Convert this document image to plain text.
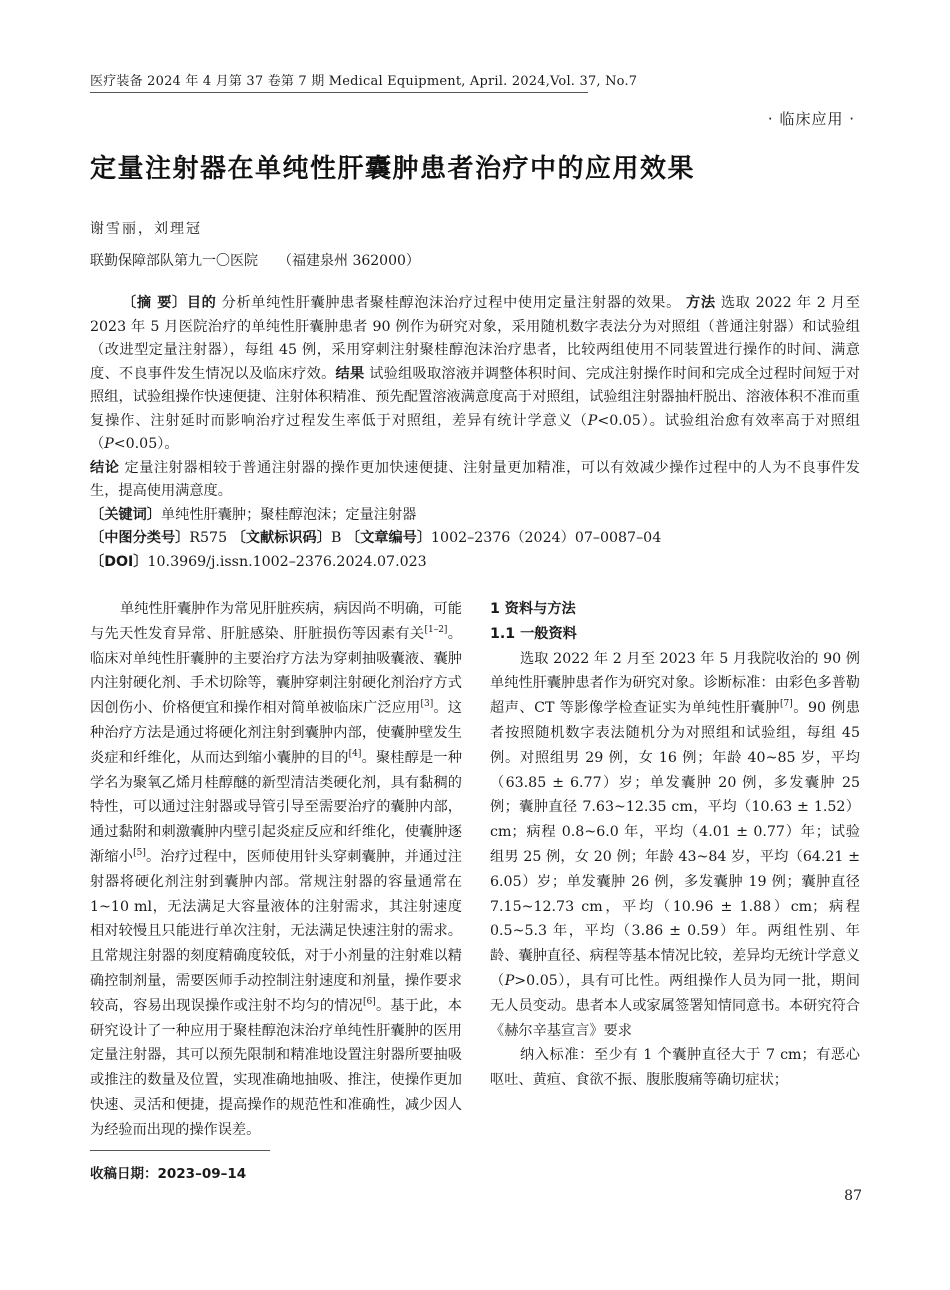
医疗装备 2024 年 4 月第 37 卷第 7 期 Medical Equipment, April. 2024,Vol. 37, No.7
· 临床应用 ·
定量注射器在单纯性肝囊肿患者治疗中的应用效果
谢雪丽，刘理冠
联勤保障部队第九一〇医院 （福建泉州 362000）

〔摘 要〕目的 分析单纯性肝囊肿患者聚桂醇泡沫治疗过程中使用定量注射器的效果。 方法 选取 2022 年 2 月至 2023 年 5 月医院治疗的单纯性肝囊肿患者 90 例作为研究对象，采用随机数字表法分为对照组（普通注射器）和试验组（改进型定量注射器），每组 45 例，采用穿刺注射聚桂醇泡沫治疗患者，比较两组使用不同装置进行操作的时间、满意度、不良事件发生情况以及临床疗效。结果 试验组吸取溶液并调整体积时间、完成注射操作时间和完成全过程时间短于对照组，试验组操作快速便捷、注射体积精准、预先配置溶液满意度高于对照组，试验组注射器抽杆脱出、溶液体积不准而重复操作、注射延时而影响治疗过程发生率低于对照组，差异有统计学意义（P<0.05）。试验组治愈有效率高于对照组（P<0.05）。
结论 定量注射器相较于普通注射器的操作更加快速便捷、注射量更加精准，可以有效减少操作过程中的人为不良事件发生，提高使用满意度。

〔关键词〕单纯性肝囊肿；聚桂醇泡沫；定量注射器

〔中图分类号〕R575 〔文献标识码〕B 〔文章编号〕1002–2376（2024）07–0087–04

〔DOI〕10.3969/j.issn.1002–2376.2024.07.023

单纯性肝囊肿作为常见肝脏疾病，病因尚不明确，可能与先天性发育异常、肝脏感染、肝脏损伤等因素有关[1–2]。临床对单纯性肝囊肿的主要治疗方法为穿刺抽吸囊液、囊肿内注射硬化剂、手术切除等，囊肿穿刺注射硬化剂治疗方式因创伤小、价格便宜和操作相对简单被临床广泛应用[3]。这种治疗方法是通过将硬化剂注射到囊肿内部，使囊肿壁发生炎症和纤维化，从而达到缩小囊肿的目的[4]。聚桂醇是一种学名为聚氧乙烯月桂醇醚的新型清洁类硬化剂，具有黏稠的特性，可以通过注射器或导管引导至需要治疗的囊肿内部，通过黏附和刺激囊肿内壁引起炎症反应和纤维化，使囊肿逐渐缩小[5]。治疗过程中，医师使用针头穿刺囊肿，并通过注射器将硬化剂注射到囊肿内部。常规注射器的容量通常在 1~10 ml，无法满足大容量液体的注射需求，其注射速度相对较慢且只能进行单次注射，无法满足快速注射的需求。且常规注射器的刻度精确度较低，对于小剂量的注射难以精确控制剂量，需要医师手动控制注射速度和剂量，操作要求较高，容易出现误操作或注射不均匀的情况[6]。基于此，本研究设计了一种应用于聚桂醇泡沫治疗单纯性肝囊肿的医用定量注射器，其可以预先限制和精准地设置注射器所要抽吸或推注的数量及位置，实现准确地抽吸、推注，使操作更加快速、灵活和便捷，提高操作的规范性和准确性，减少因人为经验而出现的操作误差。

1 资料与方法

1.1 一般资料

选取 2022 年 2 月至 2023 年 5 月我院收治的 90 例单纯性肝囊肿患者作为研究对象。诊断标准：由彩色多普勒超声、CT 等影像学检查证实为单纯性肝囊肿[7]。90 例患者按照随机数字表法随机分为对照组和试验组，每组 45 例。对照组男 29 例，女 16 例；年龄 40~85 岁，平均（63.85 ± 6.77）岁；单发囊肿 20 例，多发囊肿 25 例；囊肿直径 7.63~12.35 cm，平均（10.63 ± 1.52）cm；病程 0.8~6.0 年，平均（4.01 ± 0.77）年；试验组男 25 例，女 20 例；年龄 43~84 岁，平均（64.21 ± 6.05）岁；单发囊肿 26 例，多发囊肿 19 例；囊肿直径 7.15~12.73 cm，平均（10.96 ± 1.88）cm；病程 0.5~5.3 年，平均（3.86 ± 0.59）年。两组性别、年龄、囊肿直径、病程等基本情况比较，差异均无统计学意义（P>0.05），具有可比性。两组操作人员为同一批，期间无人员变动。患者本人或家属签署知情同意书。本研究符合《赫尔辛基宣言》要求

纳入标准：至少有 1 个囊肿直径大于 7 cm；有恶心呕吐、黄疸、食欲不振、腹胀腹痛等确切症状；

收稿日期：2023–09–14
87
